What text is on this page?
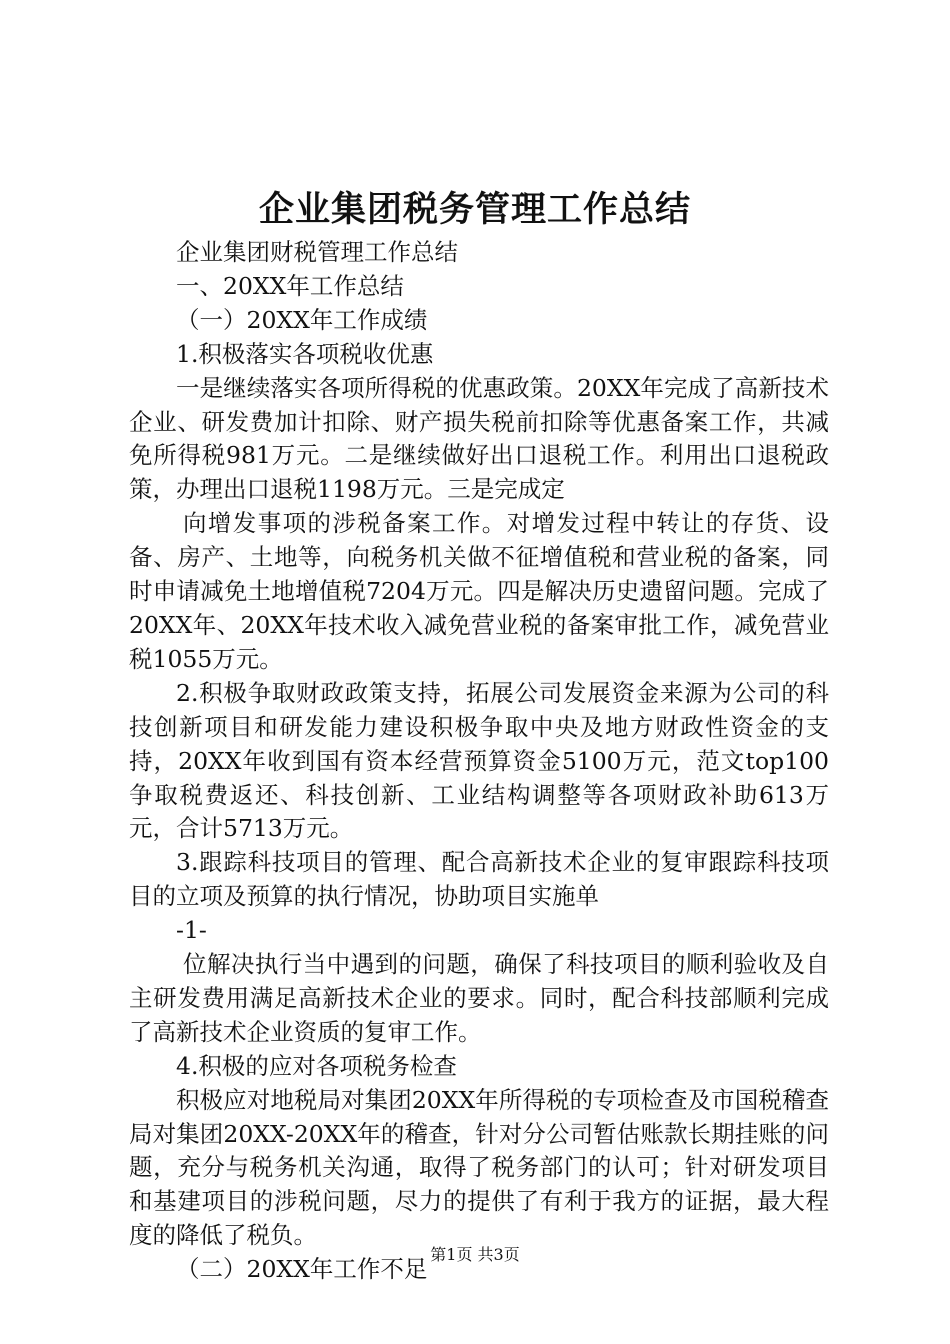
企业集团税务管理工作总结

企业集团财税管理工作总结

一、20XX年工作总结

（一）20XX年工作成绩

1.积极落实各项税收优惠

一是继续落实各项所得税的优惠政策。20XX年完成了高新技术企业、研发费加计扣除、财产损失税前扣除等优惠备案工作，共减免所得税981万元。二是继续做好出口退税工作。利用出口退税政策，办理出口退税1198万元。三是完成定

向增发事项的涉税备案工作。对增发过程中转让的存货、设备、房产、土地等，向税务机关做不征增值税和营业税的备案，同时申请减免土地增值税7204万元。四是解决历史遗留问题。完成了20XX年、20XX年技术收入减免营业税的备案审批工作，减免营业税1055万元。

2.积极争取财政政策支持，拓展公司发展资金来源为公司的科技创新项目和研发能力建设积极争取中央及地方财政性资金的支持，20XX年收到国有资本经营预算资金5100万元，范文top100争取税费返还、科技创新、工业结构调整等各项财政补助613万元，合计5713万元。

3.跟踪科技项目的管理、配合高新技术企业的复审跟踪科技项目的立项及预算的执行情况，协助项目实施单

-1-

位解决执行当中遇到的问题，确保了科技项目的顺利验收及自主研发费用满足高新技术企业的要求。同时，配合科技部顺利完成了高新技术企业资质的复审工作。

4.积极的应对各项税务检查

积极应对地税局对集团20XX年所得税的专项检查及市国税稽查局对集团20XX-20XX年的稽查，针对分公司暂估账款长期挂账的问题，充分与税务机关沟通，取得了税务部门的认可；针对研发项目和基建项目的涉税问题，尽力的提供了有利于我方的证据，最大程度的降低了税负。

（二）20XX年工作不足

第1页 共3页
